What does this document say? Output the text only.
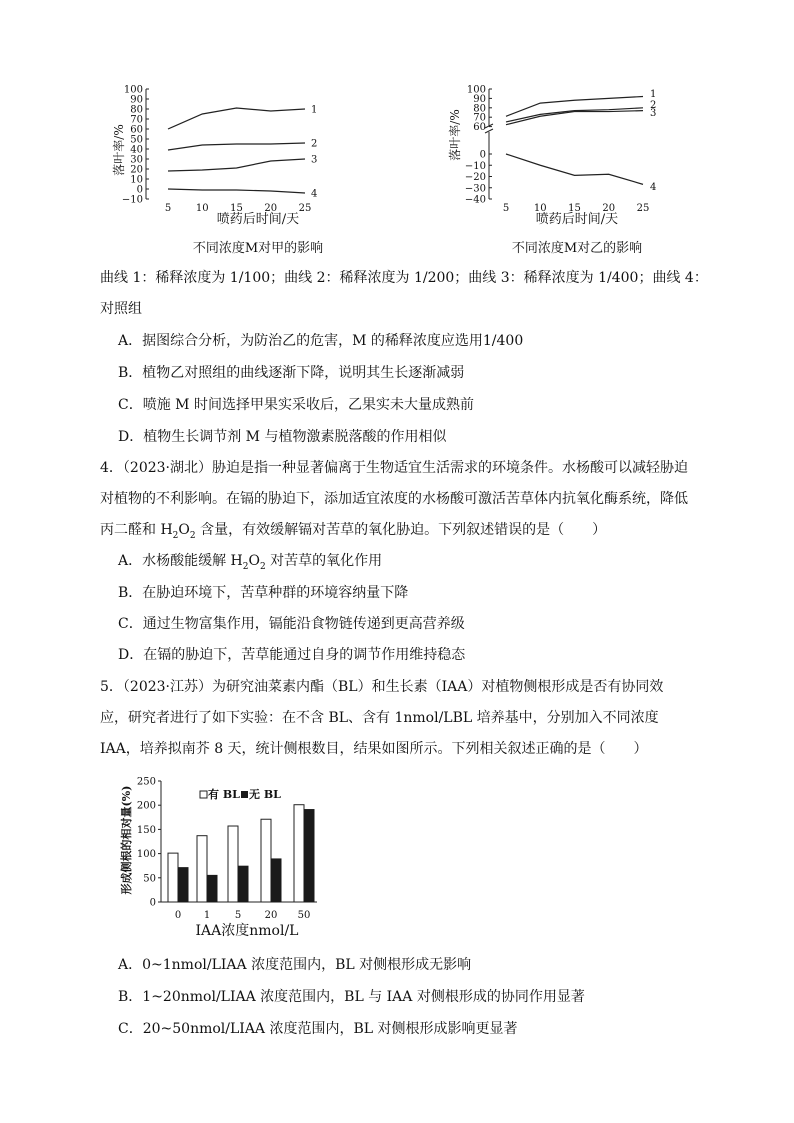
落叶率/%
喷药后时间/天
不同浓度M对甲的影响
100
90
80
70
60
50
40
30
20
10
0
−10
5 10 15 20 25
1
2
3
4
落叶率/%
喷药后时间/天
不同浓度M对乙的影响
100
90
80
70
60
0
−10
−20
−30
−40
5 10 15 20 25
1
2
3
4
曲线 1：稀释浓度为 1/100；曲线 2：稀释浓度为 1/200；曲线 3：稀释浓度为 1/400；曲线 4：
对照组
A．据图综合分析，为防治乙的危害，M 的稀释浓度应选用1/400
B．植物乙对照组的曲线逐渐下降，说明其生长逐渐减弱
C．喷施 M 时间选择甲果实采收后，乙果实未大量成熟前
D．植物生长调节剂 M 与植物激素脱落酸的作用相似
4．（2023·湖北）胁迫是指一种显著偏离于生物适宜生活需求的环境条件。水杨酸可以减轻胁迫对植物的不利影响。在镉的胁迫下，添加适宜浓度的水杨酸可激活苦草体内抗氧化酶系统，降低丙二醛和 $H_2O_2$ 含量，有效缓解镉对苦草的氧化胁迫。下列叙述错误的是（　　）
A．水杨酸能缓解 $H_2O_2$ 对苦草的氧化作用
B．在胁迫环境下，苦草种群的环境容纳量下降
C．通过生物富集作用，镉能沿食物链传递到更高营养级
D．在镉的胁迫下，苦草能通过自身的调节作用维持稳态
5．（2023·江苏）为研究油菜素内酯（BL）和生长素（IAA）对植物侧根形成是否有协同效应，研究者进行了如下实验：在不含 BL、含有 1nmol/LBL 培养基中，分别加入不同浓度 IAA，培养拟南芥 8 天，统计侧根数目，结果如图所示。下列相关叙述正确的是（　　）
形成侧根的相对量(%)
IAA浓度nmol/L
250
200
150
100
50
0
0 1 5 20 50
有 BL 无 BL
A．0~1nmol/LIAA 浓度范围内，BL 对侧根形成无影响
B．1~20nmol/LIAA 浓度范围内，BL 与 IAA 对侧根形成的协同作用显著
C．20~50nmol/LIAA 浓度范围内，BL 对侧根形成影响更显著
